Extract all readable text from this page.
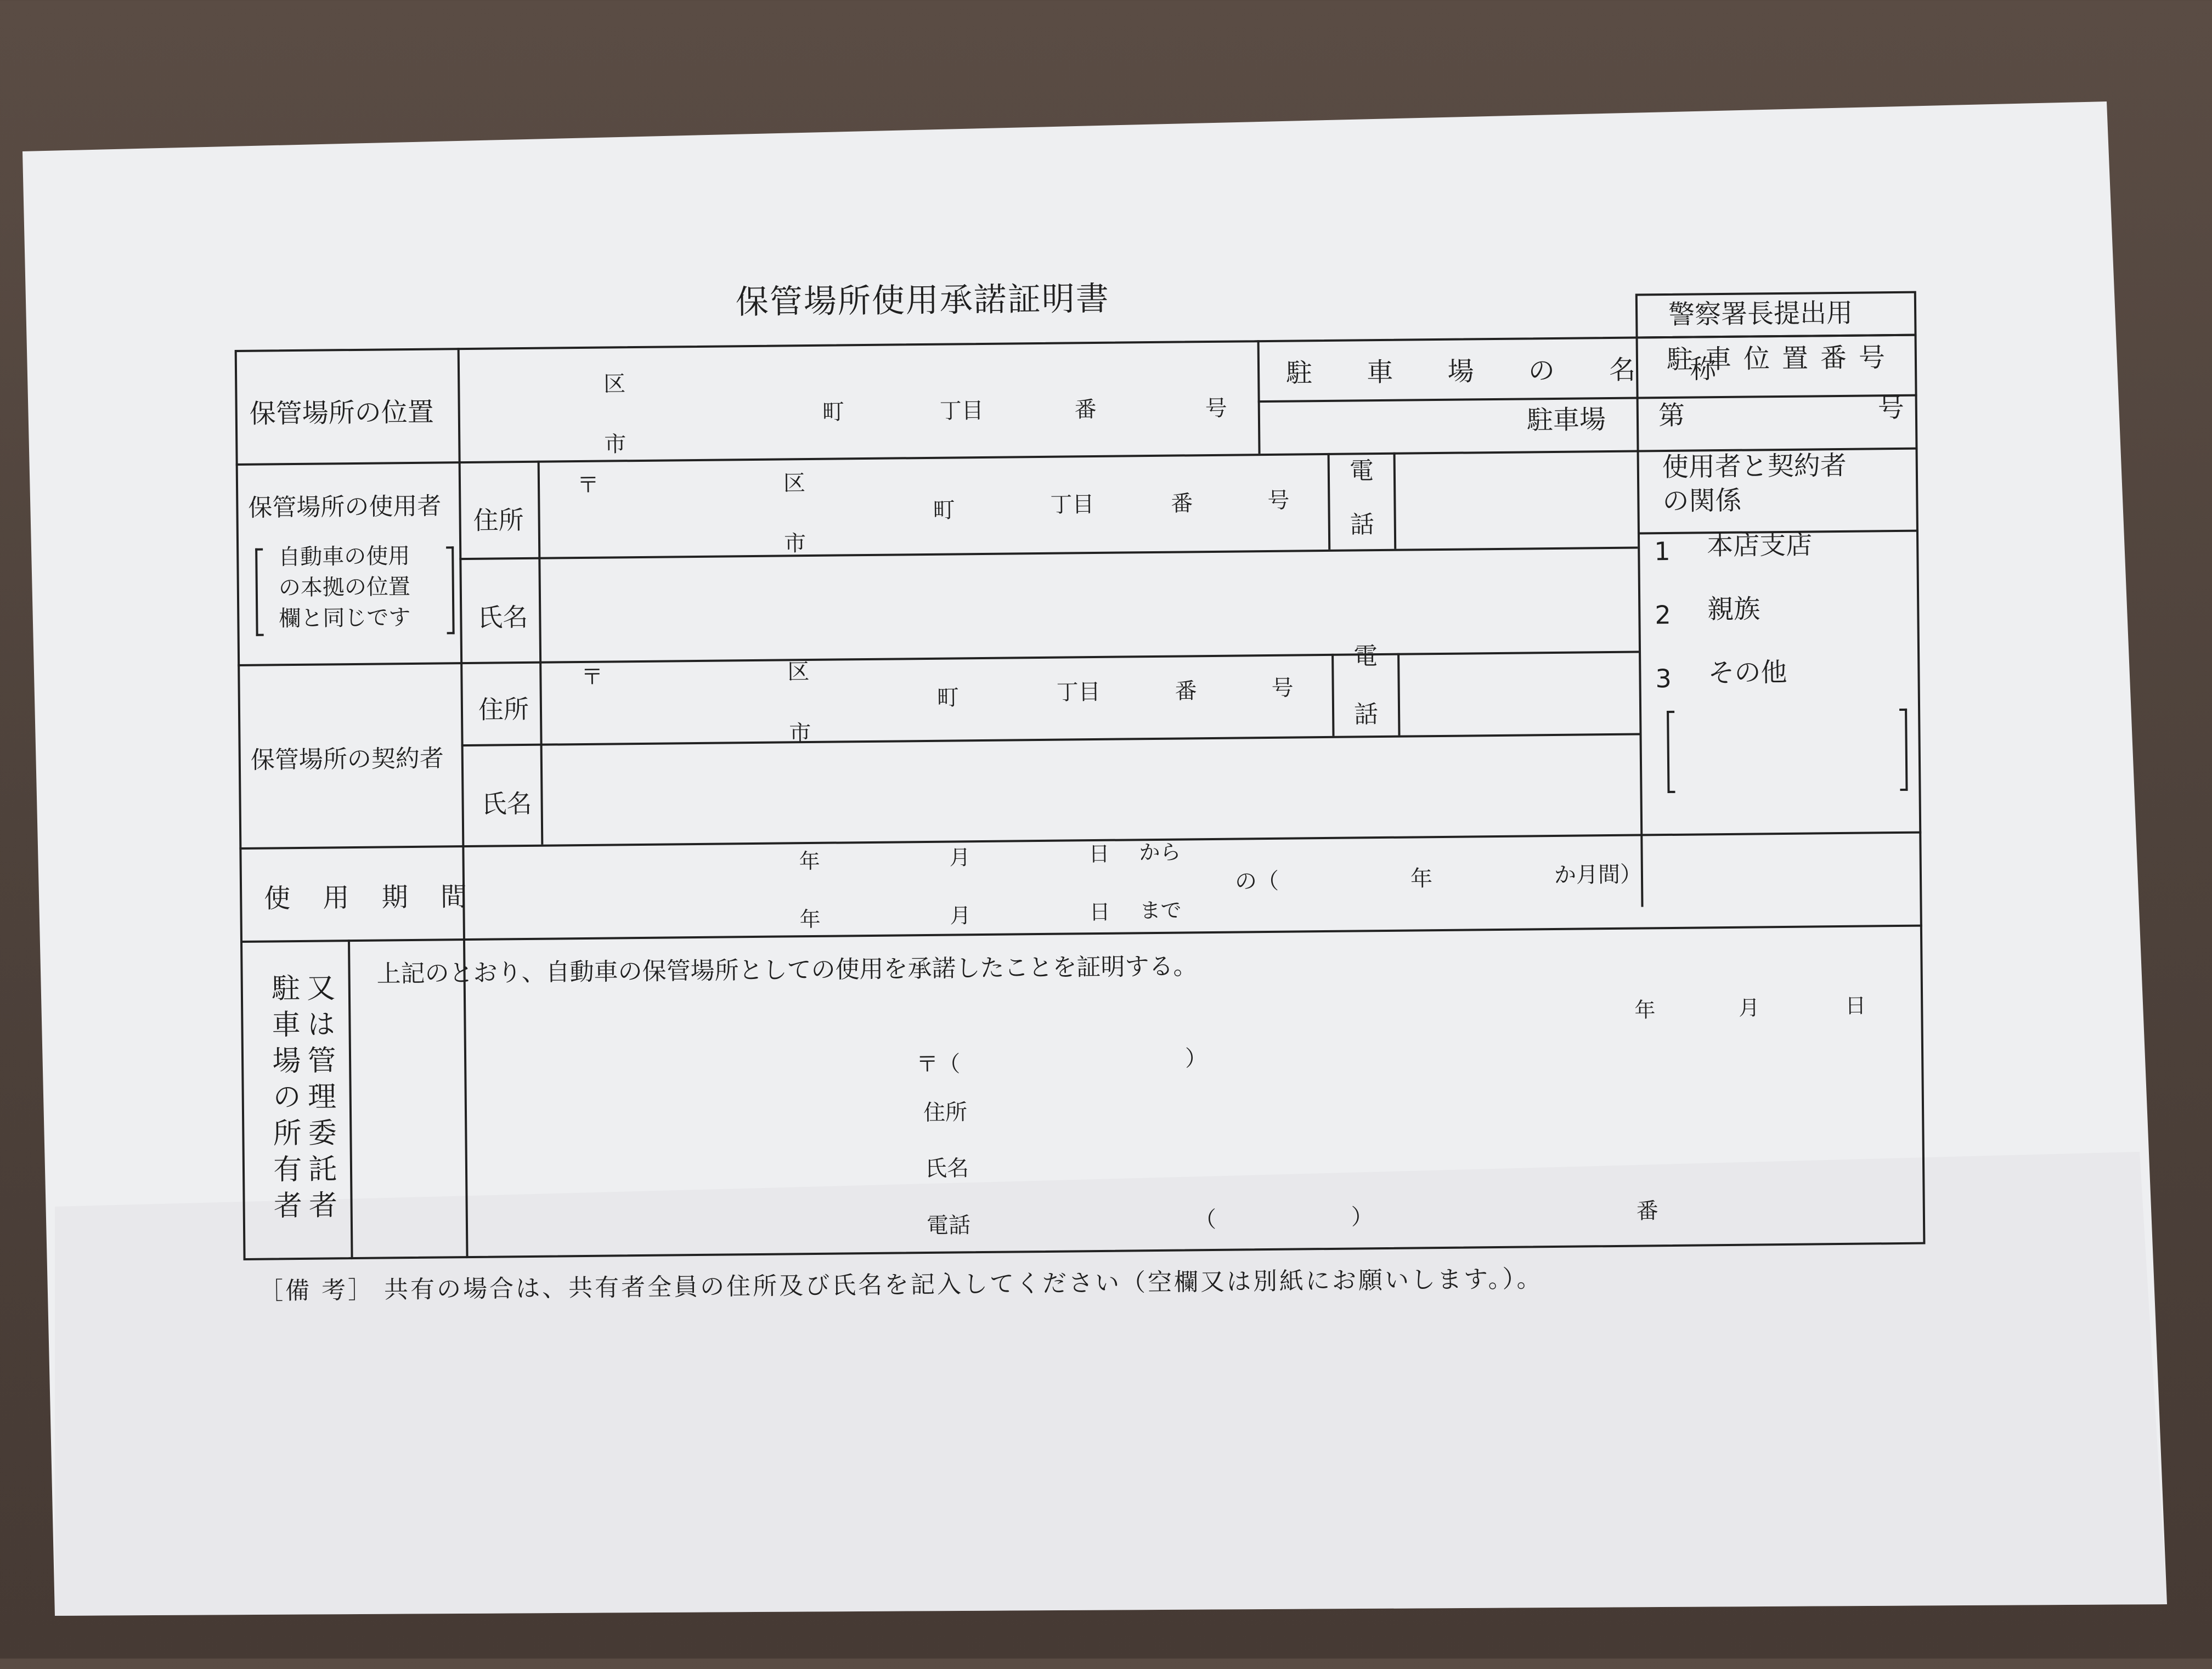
保管場所使用承諾証明書	警察署長提出用
保管場所の位置
区
市
町	丁目	番	号
駐 車 場 の 名 称
駐車場
駐車位置番号
第	号
保管場所の使用者
自動車の使用
の本拠の位置
欄と同じです
住所
〒	区
市
町	丁目	番	号
電
話
氏名
使用者と契約者
の関係
1 本店支店
2 親族
3 その他
保管場所の契約者
住所
〒	区
市
町	丁目	番	号
電
話
氏名
使 用 期 間
年	月	日 から
年	月	日 まで
の（	年	か月間）
駐車場の所有者 又は管理委託者
上記のとおり、自動車の保管場所としての使用を承諾したことを証明する。
年	月	日
〒（	）
住所
氏名
電話	（	）	番
［備 考］ 共有の場合は、共有者全員の住所及び氏名を記入してください（空欄又は別紙にお願いします。）。
